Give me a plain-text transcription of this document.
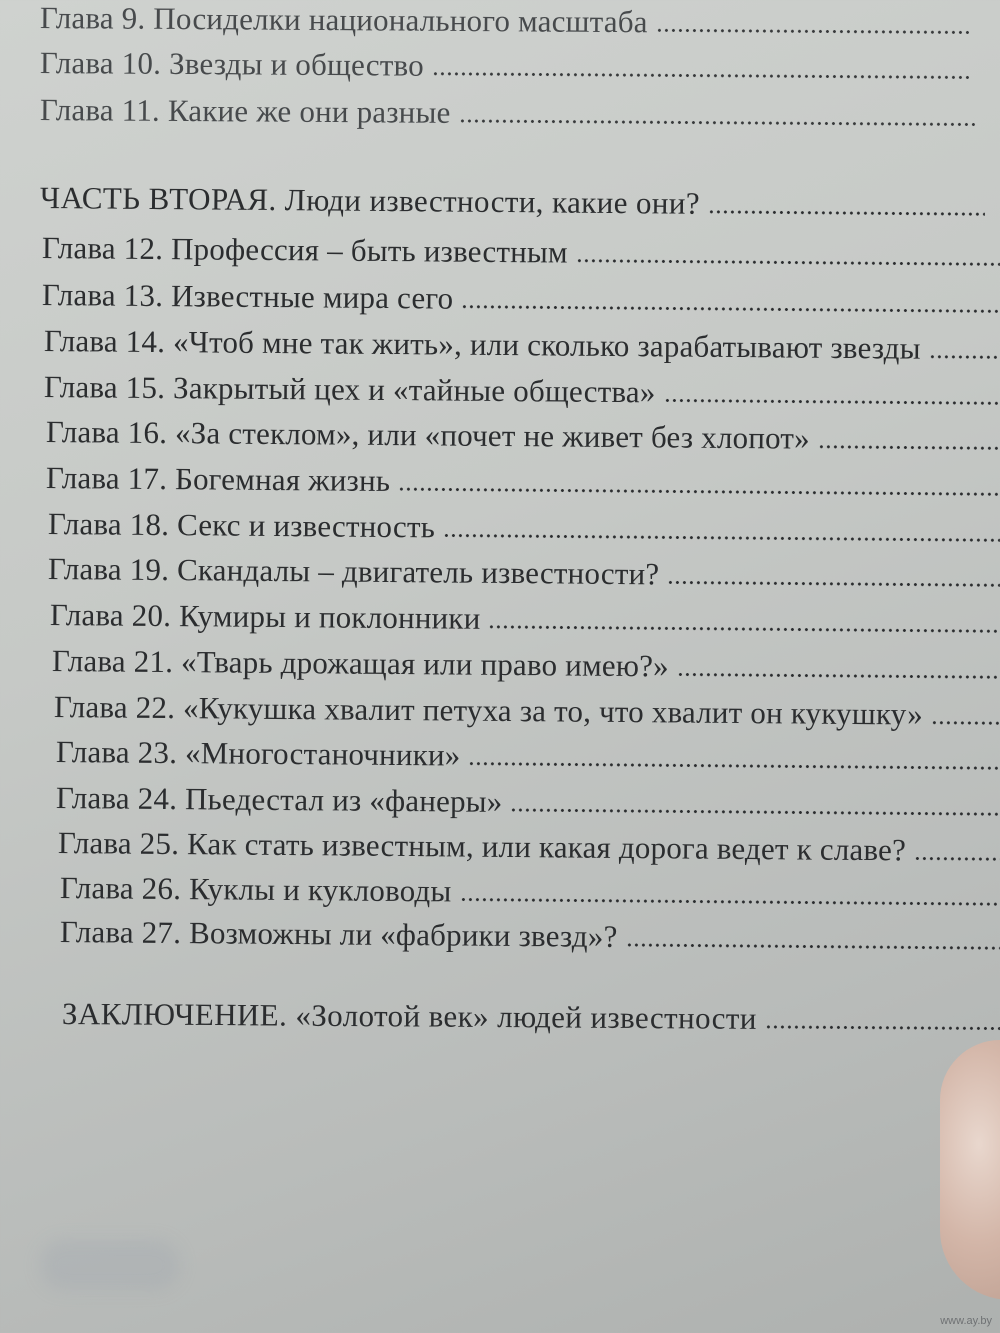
Глава 9. Посиделки национального масштаба
Глава 10. Звезды и общество
Глава 11. Какие же они разные
ЧАСТЬ ВТОРАЯ. Люди известности, какие они?
Глава 12. Профессия – быть известным
Глава 13. Известные мира сего
Глава 14. «Чтоб мне так жить», или сколько зарабатывают звезды
Глава 15. Закрытый цех и «тайные общества»
Глава 16. «За стеклом», или «почет не живет без хлопот»
Глава 17. Богемная жизнь
Глава 18. Секс и известность
Глава 19. Скандалы – двигатель известности?
Глава 20. Кумиры и поклонники
Глава 21. «Тварь дрожащая или право имею?»
Глава 22. «Кукушка хвалит петуха за то, что хвалит он кукушку»
Глава 23. «Многостаночники»
Глава 24. Пьедестал из «фанеры»
Глава 25. Как стать известным, или какая дорога ведет к славе?
Глава 26. Куклы и кукловоды
Глава 27. Возможны ли «фабрики звезд»?
ЗАКЛЮЧЕНИЕ. «Золотой век» людей известности
www.ay.by
